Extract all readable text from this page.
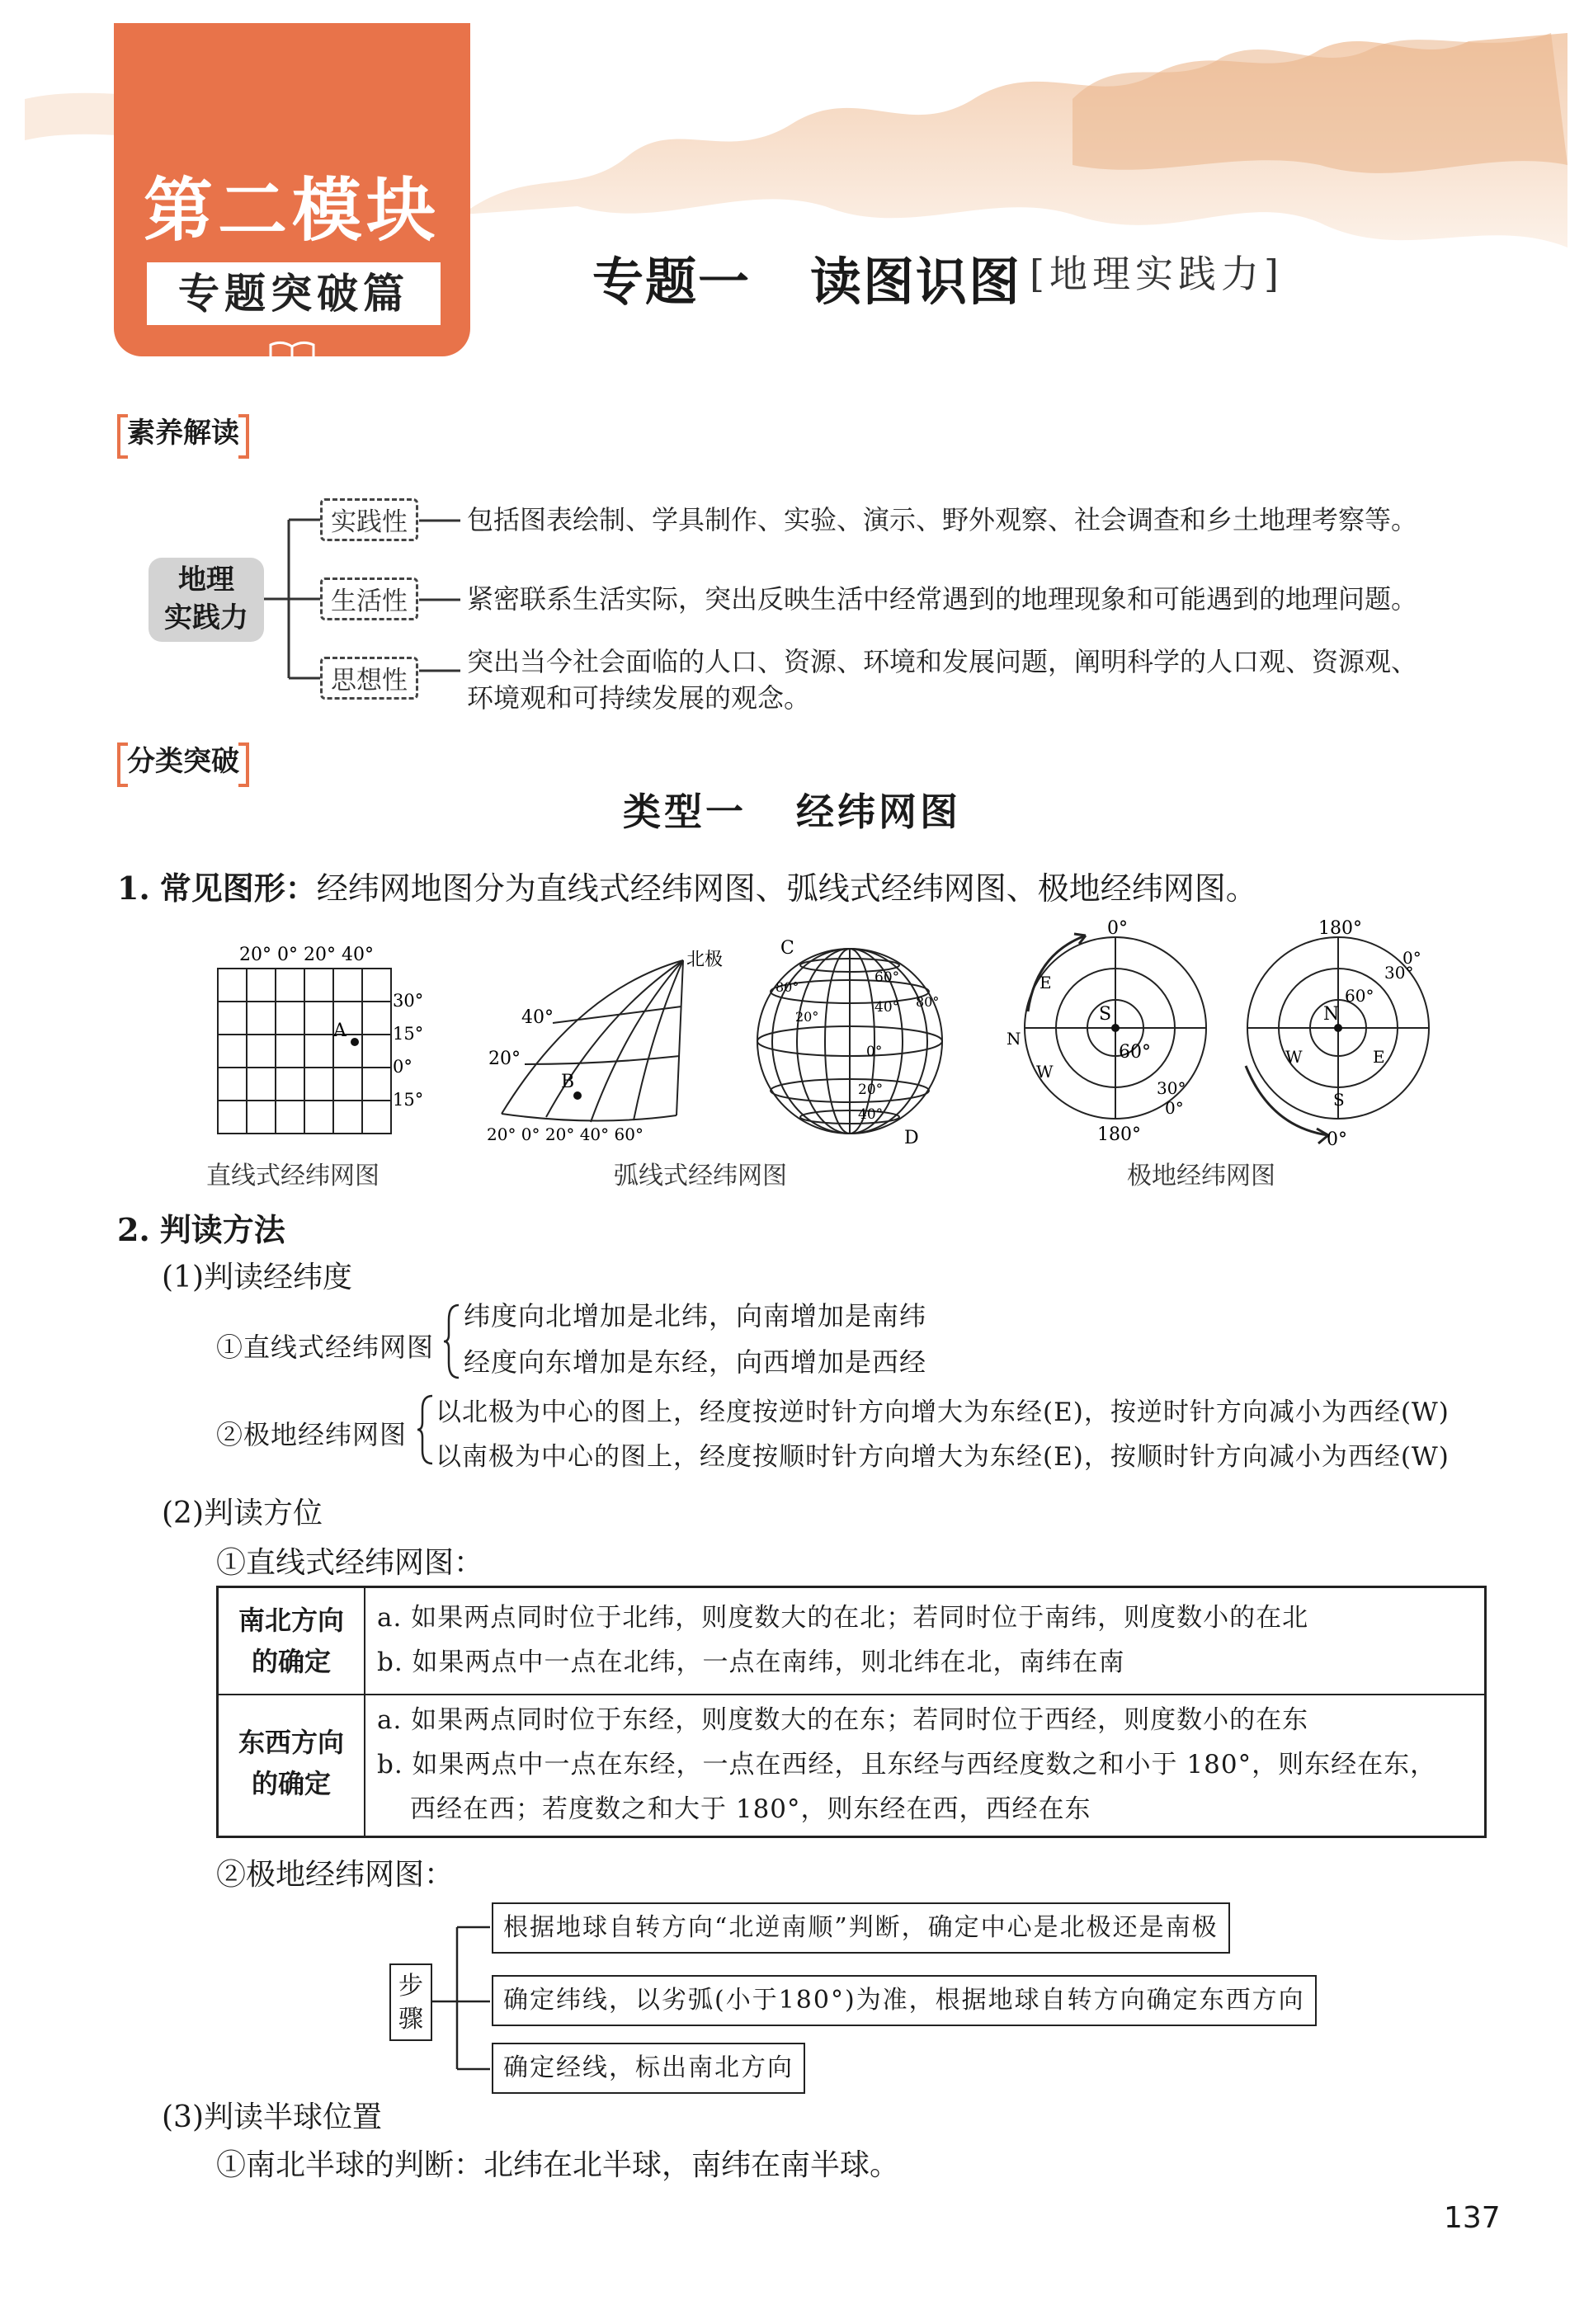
第二模块
专题突破篇	专题一 读图识图 [地理实践力]
素养解读
地理
实践力
实践性	包括图表绘制、学具制作、实验、演示、野外观察、社会调查和乡土地理考察等。
生活性	紧密联系生活实际，突出反映生活中经常遇到的地理现象和可能遇到的地理问题。
思想性
突出当今社会面临的人口、资源、环境和发展问题，阐明科学的人口观、资源观、
环境观和可持续发展的观念。
分类突破
类型一 经纬网图
1. 常见图形：经纬网地图分为直线式经纬网图、弧线式经纬网图、极地经纬网图。
A
20° 0° 20° 40°
30°
15°
0°
15°
直线式经纬网图
B
北极
40°
20°
20° 0° 20° 40° 60°
弧线式经纬网图
C
D
60°
40°
0°
20°
40°
80°
20°
80°
0°
180°
S
60°
30°
0°
N
E
W
180°
0°
N
0°
30°
60°
W	E
S
极地经纬网图
2. 判读方法
(1)判读经纬度
①直线式经纬网图
纬度向北增加是北纬，向南增加是南纬
经度向东增加是东经，向西增加是西经
②极地经纬网图
以北极为中心的图上，经度按逆时针方向增大为东经(E)，按逆时针方向减小为西经(W)
以南极为中心的图上，经度按顺时针方向增大为东经(E)，按顺时针方向减小为西经(W)
(2)判读方位
①直线式经纬网图：
南北方向
的确定
a. 如果两点同时位于北纬，则度数大的在北；若同时位于南纬，则度数小的在北
b. 如果两点中一点在北纬，一点在南纬，则北纬在北，南纬在南
东西方向
的确定
a. 如果两点同时位于东经，则度数大的在东；若同时位于西经，则度数小的在东
b. 如果两点中一点在东经，一点在西经，且东经与西经度数之和小于 180°，则东经在东，
西经在西；若度数之和大于 180°，则东经在西，西经在东
②极地经纬网图：
步
骤
根据地球自转方向“北逆南顺”判断，确定中心是北极还是南极
确定纬线，以劣弧(小于180°)为准，根据地球自转方向确定东西方向
确定经线，标出南北方向
(3)判读半球位置
①南北半球的判断：北纬在北半球，南纬在南半球。
137
